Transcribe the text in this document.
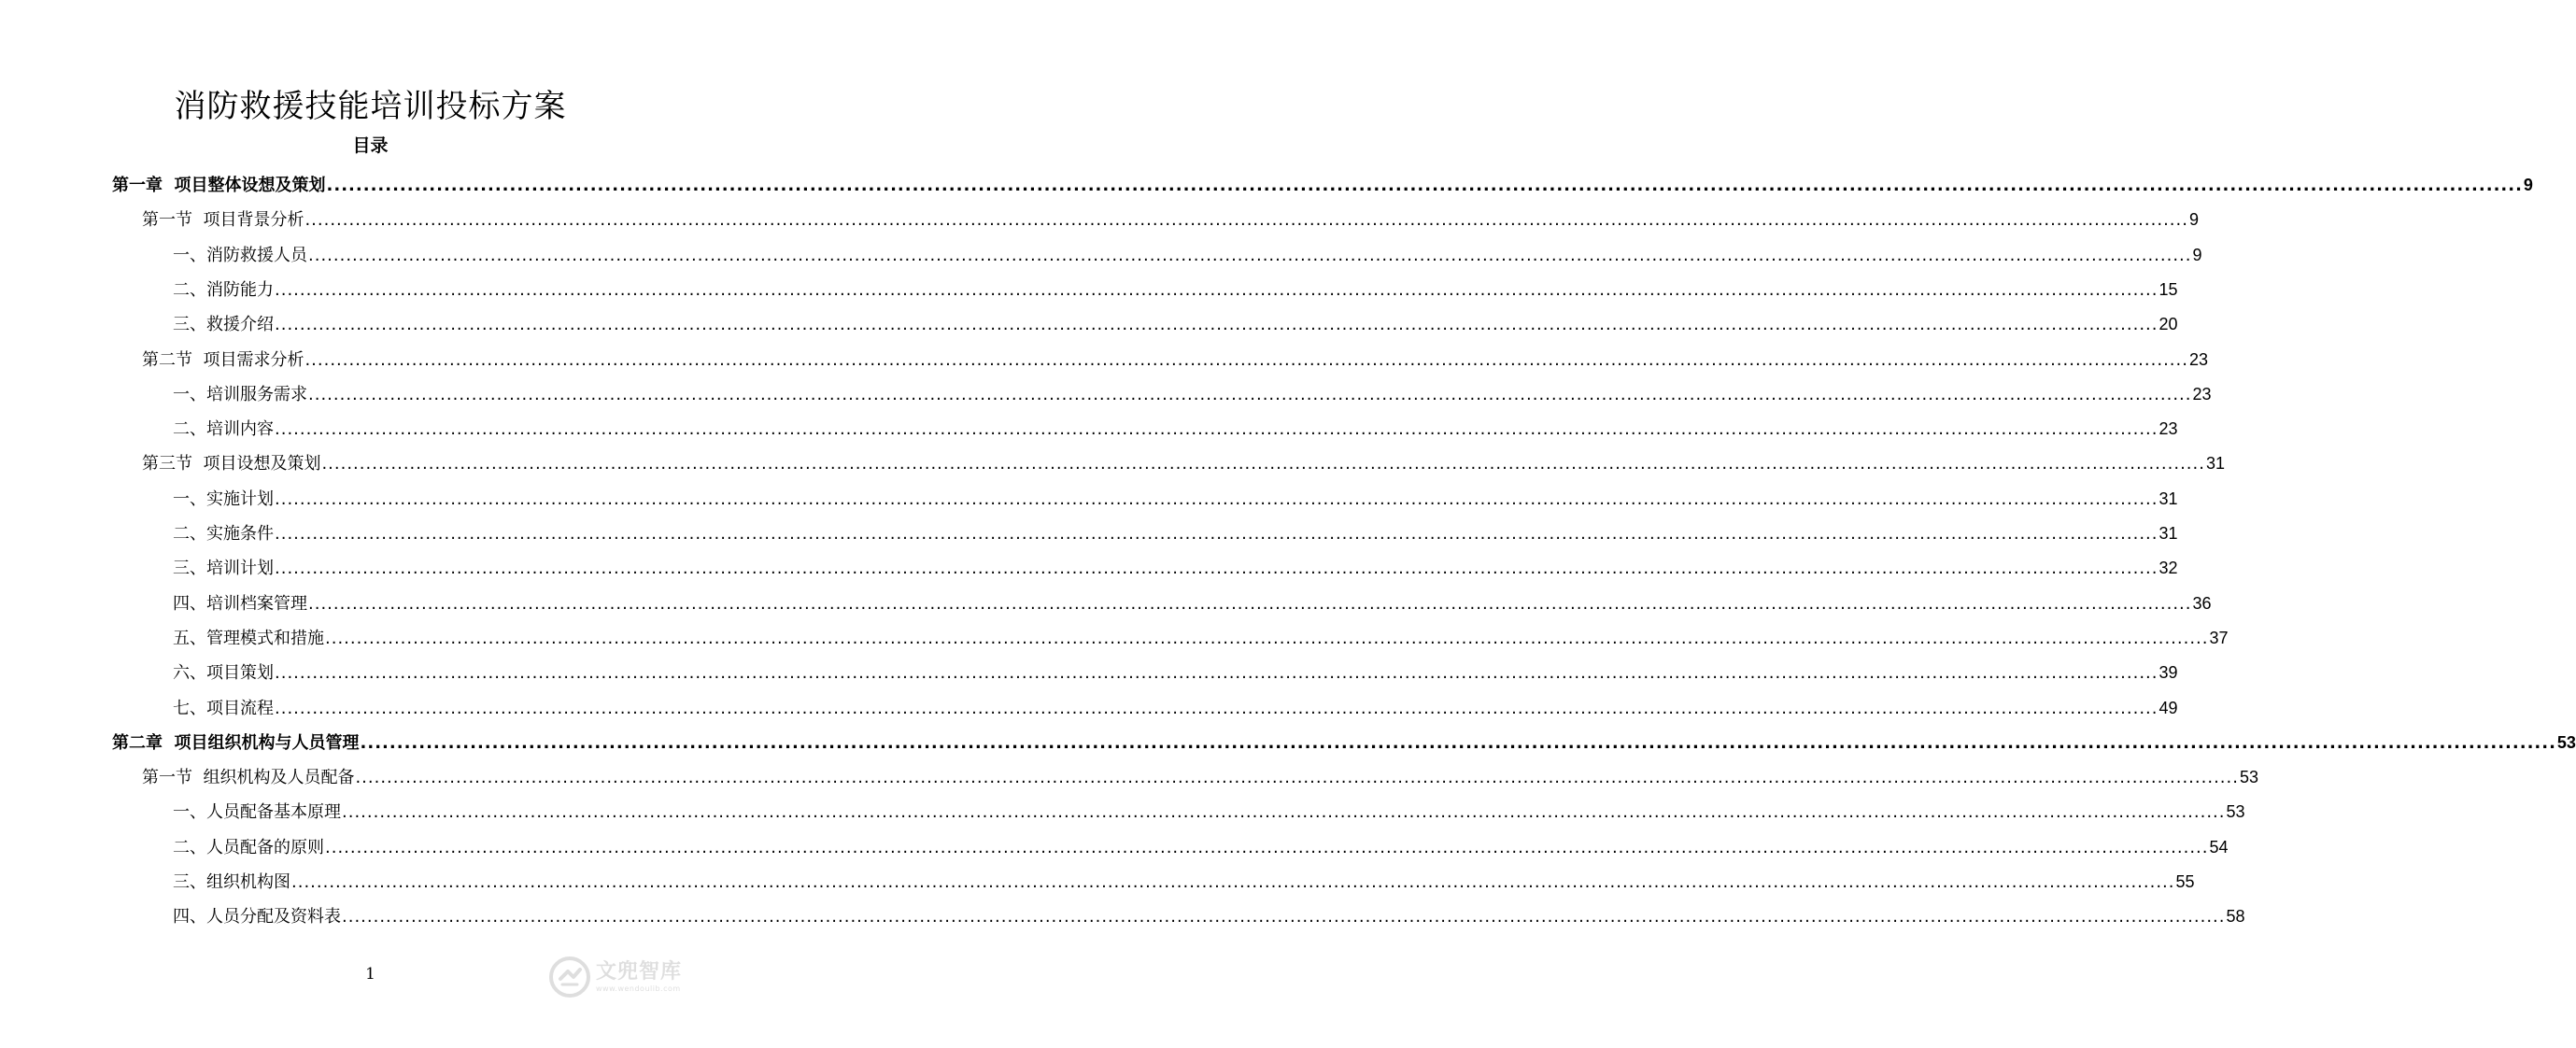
消防救援技能培训投标方案
目录
第一章  项目整体设想及策划 ............................................................................................................................................................................................................................................................................................................ 9
第一节  项目背景分析 ............................................................................................................................................................................................................................................................................................................ 9
一、消防救援人员 ............................................................................................................................................................................................................................................................................................................ 9
二、消防能力 ............................................................................................................................................................................................................................................................................................................ 15
三、救援介绍 ............................................................................................................................................................................................................................................................................................................ 20
第二节  项目需求分析 ............................................................................................................................................................................................................................................................................................................ 23
一、培训服务需求 ............................................................................................................................................................................................................................................................................................................ 23
二、培训内容 ............................................................................................................................................................................................................................................................................................................ 23
第三节  项目设想及策划 ............................................................................................................................................................................................................................................................................................................ 31
一、实施计划 ............................................................................................................................................................................................................................................................................................................ 31
二、实施条件 ............................................................................................................................................................................................................................................................................................................ 31
三、培训计划 ............................................................................................................................................................................................................................................................................................................ 32
四、培训档案管理 ............................................................................................................................................................................................................................................................................................................ 36
五、管理模式和措施 ............................................................................................................................................................................................................................................................................................................ 37
六、项目策划 ............................................................................................................................................................................................................................................................................................................ 39
七、项目流程 ............................................................................................................................................................................................................................................................................................................ 49
第二章  项目组织机构与人员管理 ............................................................................................................................................................................................................................................................................................................ 53
第一节  组织机构及人员配备 ............................................................................................................................................................................................................................................................................................................ 53
一、人员配备基本原理 ............................................................................................................................................................................................................................................................................................................ 53
二、人员配备的原则 ............................................................................................................................................................................................................................................................................................................ 54
三、组织机构图 ............................................................................................................................................................................................................................................................................................................ 55
四、人员分配及资料表 ............................................................................................................................................................................................................................................................................................................ 58
1	文兜智库
www.wendoulib.com
